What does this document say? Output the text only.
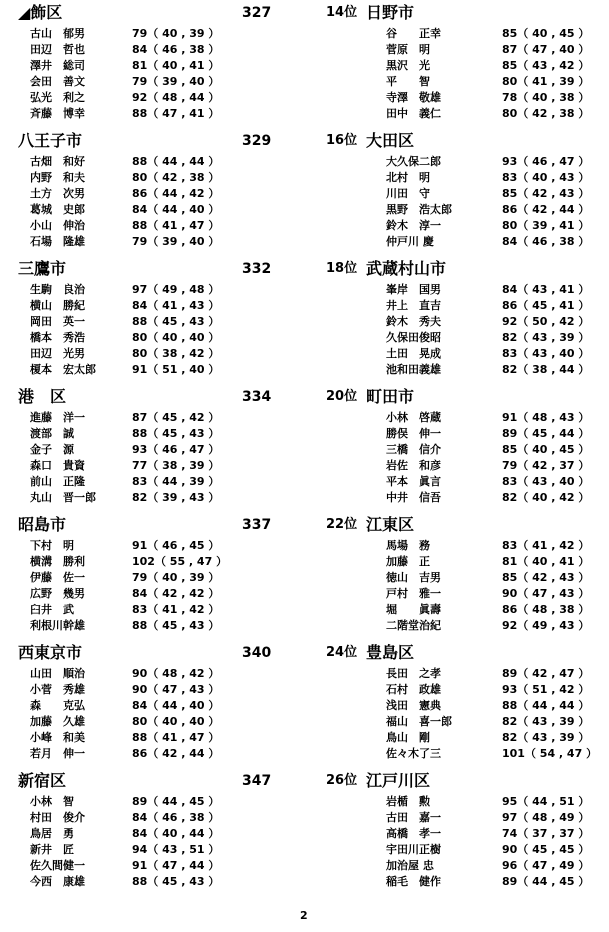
◢飾区	327
古山　郁男	79（ 40 , 39 ）
田辺　哲也	84（ 46 , 38 ）
澤井　総司	81（ 40 , 41 ）
会田　善文	79（ 39 , 40 ）
弘光　利之	92（ 48 , 44 ）
斉藤　博幸	88（ 47 , 41 ）
14位 日野市
谷　　正幸	85（ 40 , 45 ）
菅原　明	87（ 47 , 40 ）
黒沢　光	85（ 43 , 42 ）
平　　智	80（ 41 , 39 ）
寺澤　敬雄	78（ 40 , 38 ）
田中　義仁	80（ 42 , 38 ）
八王子市	329
古畑　和好	88（ 44 , 44 ）
内野　和夫	80（ 42 , 38 ）
土方　次男	86（ 44 , 42 ）
葛城　史郎	84（ 44 , 40 ）
小山　伸治	88（ 41 , 47 ）
石場　隆雄	79（ 39 , 40 ）
16位 大田区
大久保二郎	93（ 46 , 47 ）
北村　明	83（ 40 , 43 ）
川田　守	85（ 42 , 43 ）
黒野　浩太郎	86（ 42 , 44 ）
鈴木　淳一	80（ 39 , 41 ）
仲戸川 慶	84（ 46 , 38 ）
三鷹市	332
生駒　良治	97（ 49 , 48 ）
横山　勝紀	84（ 41 , 43 ）
岡田　英一	88（ 45 , 43 ）
橋本　秀浩	80（ 40 , 40 ）
田辺　光男	80（ 38 , 42 ）
榎本　宏太郎	91（ 51 , 40 ）
18位 武蔵村山市
峯岸　国男	84（ 43 , 41 ）
井上　直吉	86（ 45 , 41 ）
鈴木　秀夫	92（ 50 , 42 ）
久保田俊昭	82（ 43 , 39 ）
土田　晃成	83（ 43 , 40 ）
池和田義雄	82（ 38 , 44 ）
港　区	334
進藤　洋一	87（ 45 , 42 ）
渡部　誠	88（ 45 , 43 ）
金子　源	93（ 46 , 47 ）
森口　貴資	77（ 38 , 39 ）
前山　正隆	83（ 44 , 39 ）
丸山　晋一郎	82（ 39 , 43 ）
20位 町田市
小林　啓蔵	91（ 48 , 43 ）
勝俣　伸一	89（ 45 , 44 ）
三橋　信介	85（ 40 , 45 ）
岩佐　和彦	79（ 42 , 37 ）
平本　眞言	83（ 43 , 40 ）
中井　信吾	82（ 40 , 42 ）
昭島市	337
下村　明	91（ 46 , 45 ）
横溝　勝利	102（ 55 , 47 ）
伊藤　佐一	79（ 40 , 39 ）
広野　幾男	84（ 42 , 42 ）
臼井　武	83（ 41 , 42 ）
利根川幹雄	88（ 45 , 43 ）
22位 江東区
馬場　務	83（ 41 , 42 ）
加藤　正	81（ 40 , 41 ）
徳山　吉男	85（ 42 , 43 ）
戸村　雅一	90（ 47 , 43 ）
堀　　眞壽	86（ 48 , 38 ）
二階堂治紀	92（ 49 , 43 ）
西東京市	340
山田　順治	90（ 48 , 42 ）
小菅　秀雄	90（ 47 , 43 ）
森　　克弘	84（ 44 , 40 ）
加藤　久雄	80（ 40 , 40 ）
小峰　和美	88（ 41 , 47 ）
若月　伸一	86（ 42 , 44 ）
24位 豊島区
長田　之孝	89（ 42 , 47 ）
石村　政雄	93（ 51 , 42 ）
浅田　憲典	88（ 44 , 44 ）
福山　喜一郎	82（ 43 , 39 ）
鳥山　剛	82（ 43 , 39 ）
佐々木了三	101（ 54 , 47 ）
新宿区	347
小林　智	89（ 44 , 45 ）
村田　俊介	84（ 46 , 38 ）
鳥居　勇	84（ 40 , 44 ）
新井　匠	94（ 43 , 51 ）
佐久間健一	91（ 47 , 44 ）
今西　康雄	88（ 45 , 43 ）
26位 江戸川区
岩楯　勲	95（ 44 , 51 ）
古田　嘉一	97（ 48 , 49 ）
高橋　孝一	74（ 37 , 37 ）
宇田川正樹	90（ 45 , 45 ）
加治屋 忠	96（ 47 , 49 ）
稲毛　健作	89（ 44 , 45 ）
2
